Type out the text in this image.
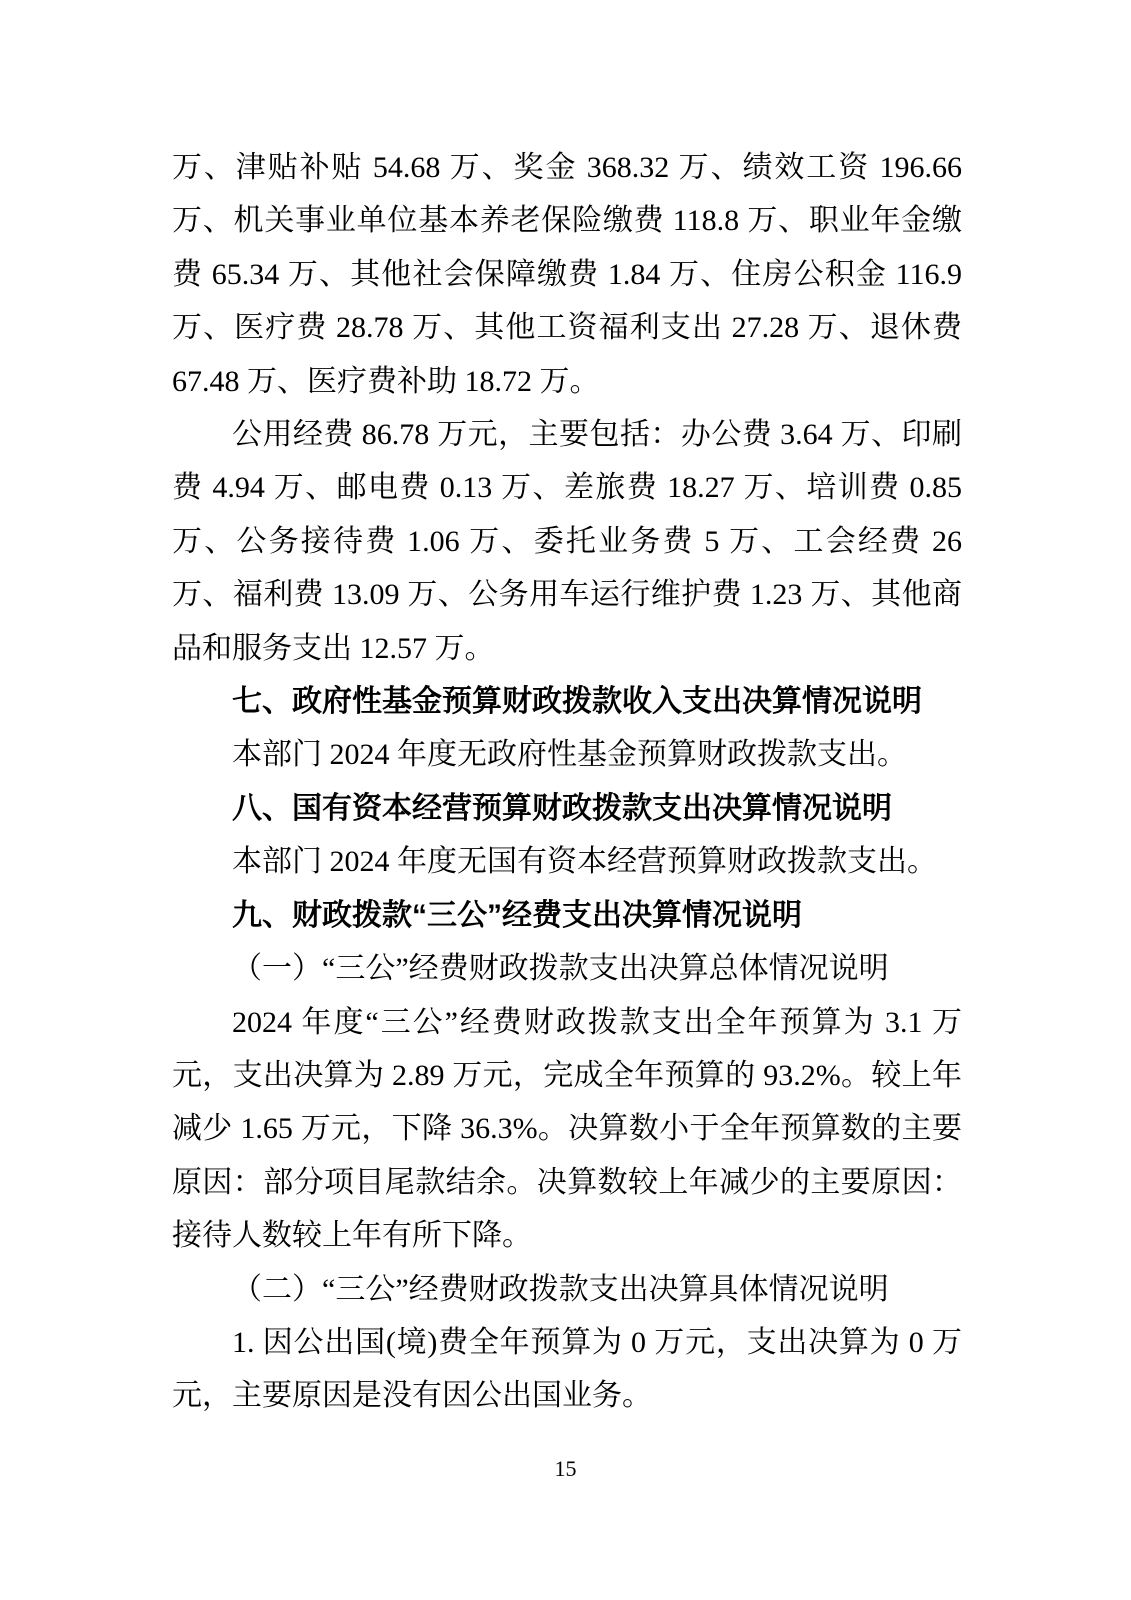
万、津贴补贴 54.68 万、奖金 368.32 万、绩效工资 196.66 万、机关事业单位基本养老保险缴费 118.8 万、职业年金缴费 65.34 万、其他社会保障缴费 1.84 万、住房公积金 116.9 万、医疗费 28.78 万、其他工资福利支出 27.28 万、退休费 67.48 万、医疗费补助 18.72 万。

公用经费 86.78 万元，主要包括：办公费 3.64 万、印刷费 4.94 万、邮电费 0.13 万、差旅费 18.27 万、培训费 0.85 万、公务接待费 1.06 万、委托业务费 5 万、工会经费 26 万、福利费 13.09 万、公务用车运行维护费 1.23 万、其他商品和服务支出 12.57 万。

七、政府性基金预算财政拨款收入支出决算情况说明

本部门 2024 年度无政府性基金预算财政拨款支出。

八、国有资本经营预算财政拨款支出决算情况说明

本部门 2024 年度无国有资本经营预算财政拨款支出。

九、财政拨款“三公”经费支出决算情况说明

（一）“三公”经费财政拨款支出决算总体情况说明

2024 年度“三公”经费财政拨款支出全年预算为 3.1 万元，支出决算为 2.89 万元，完成全年预算的 93.2%。较上年减少 1.65 万元，下降 36.3%。决算数小于全年预算数的主要原因：部分项目尾款结余。决算数较上年减少的主要原因：接待人数较上年有所下降。

（二）“三公”经费财政拨款支出决算具体情况说明

1. 因公出国(境)费全年预算为 0 万元，支出决算为 0 万元，主要原因是没有因公出国业务。

15
